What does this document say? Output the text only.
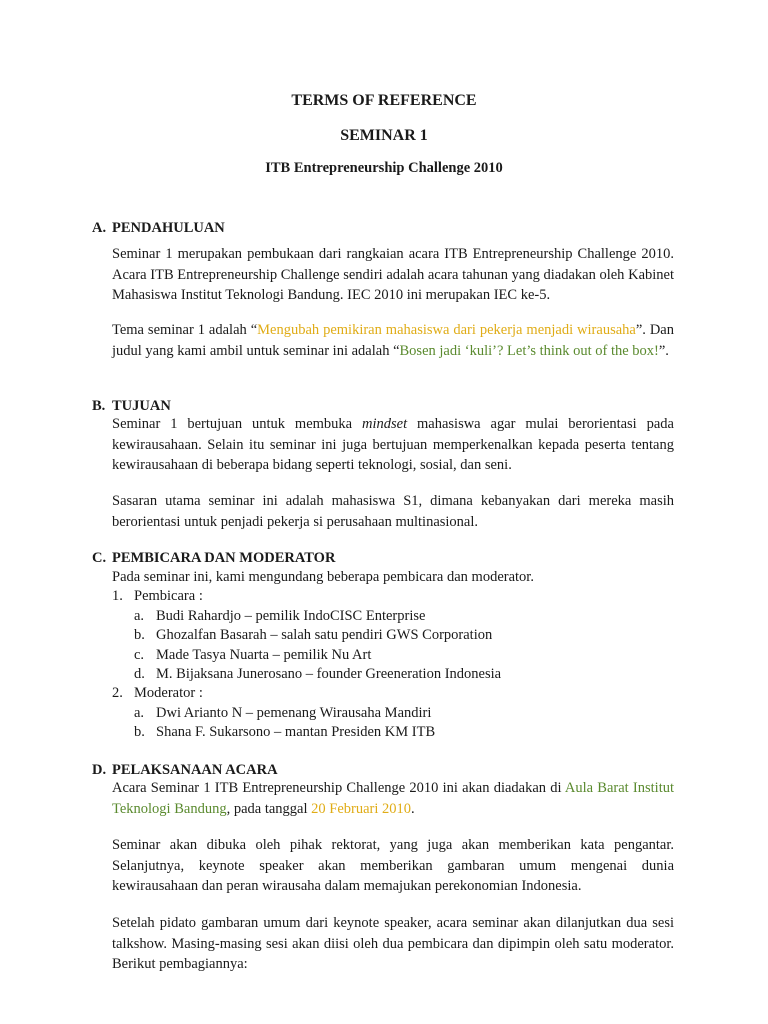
TERMS OF REFERENCE
SEMINAR 1
ITB Entrepreneurship Challenge 2010
A. PENDAHULUAN
Seminar 1 merupakan pembukaan dari rangkaian acara ITB Entrepreneurship Challenge 2010. Acara ITB Entrepreneurship Challenge sendiri adalah acara tahunan yang diadakan oleh Kabinet Mahasiswa Institut Teknologi Bandung. IEC 2010 ini merupakan IEC ke-5.
Tema seminar 1 adalah “Mengubah pemikiran mahasiswa dari pekerja menjadi wirausaha”. Dan judul yang kami ambil untuk seminar ini adalah “Bosen jadi ‘kuli’? Let’s think out of the box!”.
B. TUJUAN
Seminar 1 bertujuan untuk membuka mindset mahasiswa agar mulai berorientasi pada kewirausahaan. Selain itu seminar ini juga bertujuan memperkenalkan kepada peserta tentang kewirausahaan di beberapa bidang seperti teknologi, sosial, dan seni.
Sasaran utama seminar ini adalah mahasiswa S1, dimana kebanyakan dari mereka masih berorientasi untuk penjadi pekerja si perusahaan multinasional.
C. PEMBICARA DAN MODERATOR
Pada seminar ini, kami mengundang beberapa pembicara dan moderator.
1. Pembicara :
a. Budi Rahardjo – pemilik IndoCISC Enterprise
b. Ghozalfan Basarah – salah satu pendiri GWS Corporation
c. Made Tasya Nuarta – pemilik Nu Art
d. M. Bijaksana Junerosano – founder Greeneration Indonesia
2. Moderator :
a. Dwi Arianto N – pemenang Wirausaha Mandiri
b. Shana F. Sukarsono – mantan Presiden KM ITB
D. PELAKSANAAN ACARA
Acara Seminar 1 ITB Entrepreneurship Challenge 2010 ini akan diadakan di Aula Barat Institut Teknologi Bandung, pada tanggal 20 Februari 2010.
Seminar akan dibuka oleh pihak rektorat, yang juga akan memberikan kata pengantar. Selanjutnya, keynote speaker akan memberikan gambaran umum mengenai dunia kewirausahaan dan peran wirausaha dalam memajukan perekonomian Indonesia.
Setelah pidato gambaran umum dari keynote speaker, acara seminar akan dilanjutkan dua sesi talkshow. Masing-masing sesi akan diisi oleh dua pembicara dan dipimpin oleh satu moderator. Berikut pembagiannya:
